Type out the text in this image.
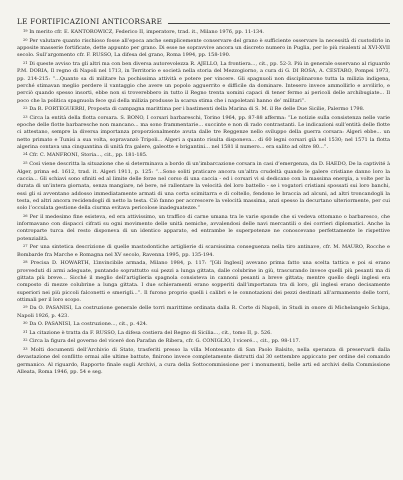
LE FORTIFICAZIONI ANTICORSARE

$^{19}$ In merito cfr. E. KANTOROWICZ, Federico II, imperatore, trad. it., Milano 1976, pp. 11-134.

$^{20}$ Per valutare quanto rischioso fosse all’epoca anche semplicemente conservare del grano è sufficiente osservare la necessità di custodirlo in apposite masserie fortificate, dette appunto per grano. Di esse ne sopravvive ancora un discreto numero in Puglia, per lo più risalenti al XVI-XVII secolo. Sull’argomento cfr. F. RUSSO, La difesa del grano, Roma 1994, pp. 158-190.

$^{21}$ Di queste avviso tra gli altri ma con ben diversa autorevolezza R. AJELLO, La frontiera..., cit., pp. 52-3. Più in generale osservano al riguardo P.M. DORIA, Il regno di Napoli nel 1713, in Territorio e società nella storia del Mezzogiorno, a cura di G. DI ROSA, A. CESTARO, Pompei 1973, pp. 214-215: “...Quanto sa di militare ha pochissima attività e potere per vincere. Gli spagnuoli non disciplinarono tutta la milizia indigena, perché stimavan meglio perdere il vantaggio che avere un popolo agguerrito e difficile da dominare. Intesero invece ammollirlo e avvilirlo, e perciò quando spesso insorti, ebbe non si troverebbero in tutto il Regno trenta uomini capaci di tener fermo ai pericoli delle archibugiate... Il poco che la politica spagnuola fece qui della milizia produsse la scarsa stima che i napoletani hanno de’ militari”.

$^{22}$ Da R. FORTEGUERRI, Proposta di campagna marittima per i bastimenti della Marina di S. M. il Re delle Due Sicilie, Palermo 1798.

$^{23}$ Circa la entità della flotta corsara. S. BONO, I corsari barbareschi, Torino 1964, pp. 87-88 afferma: “Le notizie sulla consistenza nelle varie epoche delle flotte barbaresche non mancano... ma sono frammentarie... succinte e non di rado contrastanti. Le indicazioni sull’entità delle flotte ci attestano, sempre la diversa importanza proporzionalmente avuta dalle tre Reggenze nello sviluppo della guerra corsara: Algeri ebbe... un netto primato e Tunisi a sua volta, sopravanzò Tripoli... Algeri a quanto risulta disponeva... di 60 legni corsari già nel 1530; nel 1571 la flotta algerina contava una cinquantina di unità fra galere, galeotte e brigantini... nel 1581 il numero... era salito ad oltre 80...”.

$^{24}$ Cfr. C. MANFRONI, Storia..., cit., pp. 181-185.

$^{25}$ Così viene descritta la situazione che si determinava a bordo di un’imbarcazione corsara in casi d’emergenza, da D. HAEDO, De la captivité à Alger, prima ed. 1612, trad. it. Algeri 1911, p. 125: “...Sono soliti praticare ancora un’altra crudeltà quando le galere cristiane danno loro la caccia... Gli schiavi sono sfiniti ed al limite delle forze nel corso di una caccia - ed i corsari vi si dedicano con la massima energia, a volte per la durata di un’intera giornata, senza mangiare, né bere, né rallentare la velocità del loro battello - se i vogatori cristiani spossati sui loro banchi, essi gli si avventano addosso immediatamente armati di una corta scimitarra e di coltello, fendono le braccia ad alcuni, ad altri troncandogli la testa, ed altri ancora recidendogli di netto la testa. Ciò fanno per accrescere la velocità massima, anzi spesso la decurtano ulteriormente, per cui solo l’occulata gestione della ciurma evitava pericolose inadeguatezze.”

$^{26}$ Per il medesimo fine esisteva, ed era attivissimo, un traffico di carne umana tra le varie sponde che si vedeva ottomano o barbaresco, che informavano con dispacci cifrati su ogni movimento delle unità nemiche, avvalendosi delle navi mercantili o dei corrieri diplomatici. Anche la controparte turca del resto disponeva di un identico apparato, ed entrambe le superpotenze ne conoscevano perfettamente le rispettive potenzialità.

$^{27}$ Per una sintetica descrizione di quelle mastodontiche artiglierie di scarsissima conseguenza nella tiro antinave, cfr. M. MAURO, Rocche e Bombarde fra Marche e Romagna nel XV secolo, Ravenna 1995, pp. 135-194.

$^{28}$ Precisa D. HOWARTH, L’invincibile armada, Milano 1984, p. 117: “[Gli Inglesi] avevano prima fatto una scelta tattica e poi si erano provveduti di armi adeguate, puntando soprattutto sui pezzi a lunga gittata, dalle colubrine in giù, trascurando invece quelli più pesanti ma di gittata più breve... Sicché il meglio dell’artiglieria spagnola consisteva in cannoni pesanti a breve gittata; mentre quello degli inglesi era composto di mezze colubrine a lunga gittata. I due schieramenti erano sopperiti dall’importanza tra di loro, gli inglesi erano decisamente superiori nei più piccoli falconetti e smerigli...”. Il furono proprio quelli i calibri e le connotazioni dei pezzi destinati all’armamento delle torri, ottimali per il loro scopo.

$^{29}$ Da O. PASANISI, La costruzione generale delle torri marittime ordinata dalla R. Corte di Napoli, in Studi in onore di Michelangelo Schipa, Napoli 1926, p. 423.

$^{30}$ Da O. PASANISI, La costruzione..., cit., p. 424.

$^{31}$ La citazione è tratta da F. RUSSO, La difesa costiera del Regno di Sicilia..., cit., tomo II, p. 526.

$^{32}$ Circa la figura del governo del viceré don Parafan de Ribera, cfr. G. CONIGLIO, I viceré..., cit., pp. 98-117.

$^{33}$ Molti documenti dell’Archivio di Stato, trasferiti presso la villa Montesanto di San Paolo Balsito, nella speranza di preservarli dalla devastazione del conflitto ormai alle ultime battute, finirono invece completamente distrutti dal 30 settembre appiccato per ordine del comando germanico. Al riguardo, Rapporto finale sugli Archivi, a cura della Sottocommissione per i monumenti, belle arti ed archivi della Commissione Alleata, Roma 1946, pp. 54 e seg.
